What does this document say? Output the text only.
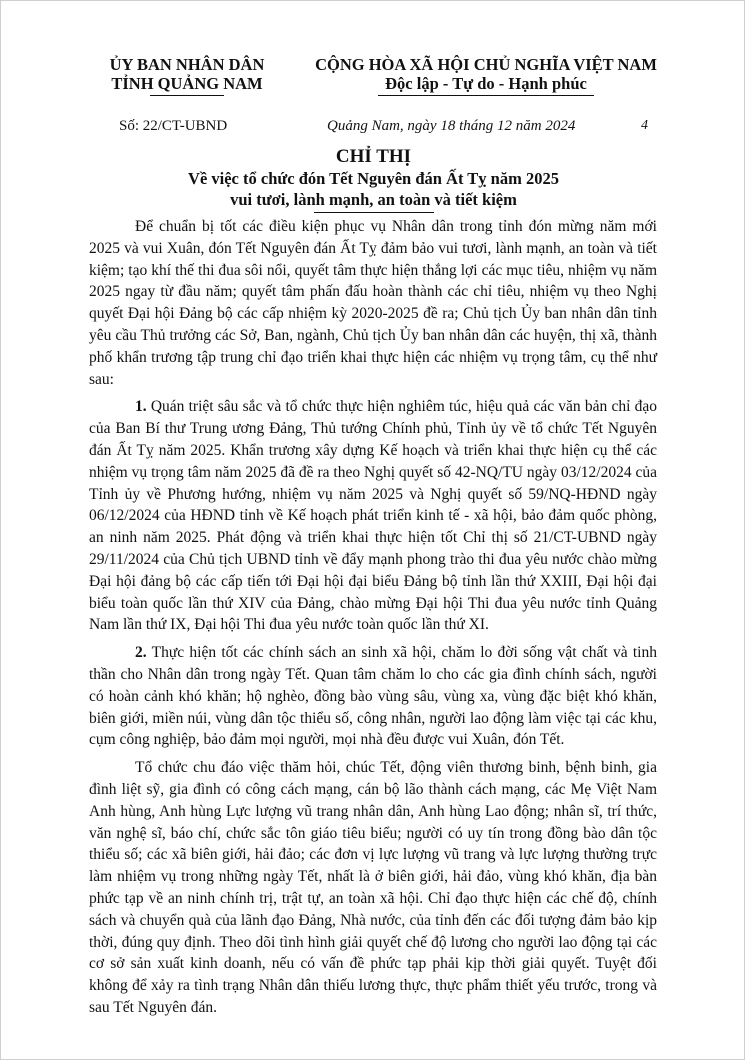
ỦY BAN NHÂN DÂN
TỈNH QUẢNG NAM
CỘNG HÒA XÃ HỘI CHỦ NGHĨA VIỆT NAM
Độc lập - Tự do - Hạnh phúc
Số: 22/CT-UBND	Quảng Nam, ngày 18 tháng 12 năm 2024	4
CHỈ THỊ
Về việc tổ chức đón Tết Nguyên đán Ất Tỵ năm 2025
vui tươi, lành mạnh, an toàn và tiết kiệm

Để chuẩn bị tốt các điều kiện phục vụ Nhân dân trong tỉnh đón mừng năm mới 2025 và vui Xuân, đón Tết Nguyên đán Ất Tỵ đảm bảo vui tươi, lành mạnh, an toàn và tiết kiệm; tạo khí thế thi đua sôi nổi, quyết tâm thực hiện thắng lợi các mục tiêu, nhiệm vụ năm 2025 ngay từ đầu năm; quyết tâm phấn đấu hoàn thành các chỉ tiêu, nhiệm vụ theo Nghị quyết Đại hội Đảng bộ các cấp nhiệm kỳ 2020-2025 đề ra; Chủ tịch Ủy ban nhân dân tỉnh yêu cầu Thủ trưởng các Sở, Ban, ngành, Chủ tịch Ủy ban nhân dân các huyện, thị xã, thành phố khẩn trương tập trung chỉ đạo triển khai thực hiện các nhiệm vụ trọng tâm, cụ thể như sau:

1. Quán triệt sâu sắc và tổ chức thực hiện nghiêm túc, hiệu quả các văn bản chỉ đạo của Ban Bí thư Trung ương Đảng, Thủ tướng Chính phủ, Tỉnh ủy về tổ chức Tết Nguyên đán Ất Tỵ năm 2025. Khẩn trương xây dựng Kế hoạch và triển khai thực hiện cụ thể các nhiệm vụ trọng tâm năm 2025 đã đề ra theo Nghị quyết số 42-NQ/TU ngày 03/12/2024 của Tỉnh ủy về Phương hướng, nhiệm vụ năm 2025 và Nghị quyết số 59/NQ-HĐND ngày 06/12/2024 của HĐND tỉnh về Kế hoạch phát triển kinh tế - xã hội, bảo đảm quốc phòng, an ninh năm 2025. Phát động và triển khai thực hiện tốt Chỉ thị số 21/CT-UBND ngày 29/11/2024 của Chủ tịch UBND tỉnh về đẩy mạnh phong trào thi đua yêu nước chào mừng Đại hội đảng bộ các cấp tiến tới Đại hội đại biểu Đảng bộ tỉnh lần thứ XXIII, Đại hội đại biểu toàn quốc lần thứ XIV của Đảng, chào mừng Đại hội Thi đua yêu nước tỉnh Quảng Nam lần thứ IX, Đại hội Thi đua yêu nước toàn quốc lần thứ XI.

2. Thực hiện tốt các chính sách an sinh xã hội, chăm lo đời sống vật chất và tinh thần cho Nhân dân trong ngày Tết. Quan tâm chăm lo cho các gia đình chính sách, người có hoàn cảnh khó khăn; hộ nghèo, đồng bào vùng sâu, vùng xa, vùng đặc biệt khó khăn, biên giới, miền núi, vùng dân tộc thiểu số, công nhân, người lao động làm việc tại các khu, cụm công nghiệp, bảo đảm mọi người, mọi nhà đều được vui Xuân, đón Tết.

Tổ chức chu đáo việc thăm hỏi, chúc Tết, động viên thương binh, bệnh binh, gia đình liệt sỹ, gia đình có công cách mạng, cán bộ lão thành cách mạng, các Mẹ Việt Nam Anh hùng, Anh hùng Lực lượng vũ trang nhân dân, Anh hùng Lao động; nhân sĩ, trí thức, văn nghệ sĩ, báo chí, chức sắc tôn giáo tiêu biểu; người có uy tín trong đồng bào dân tộc thiểu số; các xã biên giới, hải đảo; các đơn vị lực lượng vũ trang và lực lượng thường trực làm nhiệm vụ trong những ngày Tết, nhất là ở biên giới, hải đảo, vùng khó khăn, địa bàn phức tạp về an ninh chính trị, trật tự, an toàn xã hội. Chỉ đạo thực hiện các chế độ, chính sách và chuyển quà của lãnh đạo Đảng, Nhà nước, của tỉnh đến các đối tượng đảm bảo kịp thời, đúng quy định. Theo dõi tình hình giải quyết chế độ lương cho người lao động tại các cơ sở sản xuất kinh doanh, nếu có vấn đề phức tạp phải kịp thời giải quyết. Tuyệt đối không để xảy ra tình trạng Nhân dân thiếu lương thực, thực phẩm thiết yếu trước, trong và sau Tết Nguyên đán.
